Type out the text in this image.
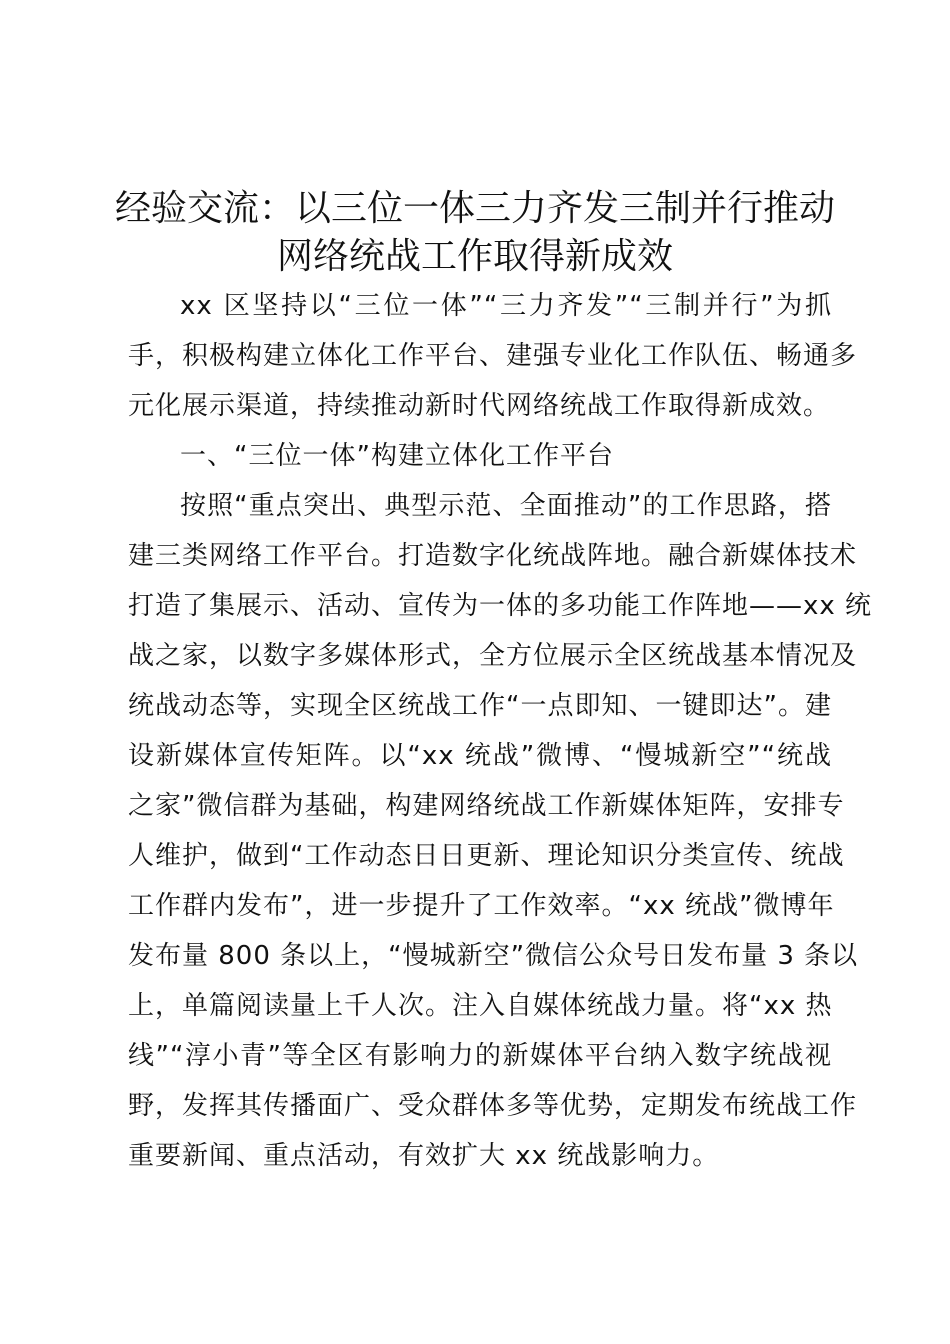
经验交流：以三位一体三力齐发三制并行推动
网络统战工作取得新成效
xx 区坚持以“三位一体”“三力齐发”“三制并行”为抓
手，积极构建立体化工作平台、建强专业化工作队伍、畅通多
元化展示渠道，持续推动新时代网络统战工作取得新成效。
一、“三位一体”构建立体化工作平台
按照“重点突出、典型示范、全面推动”的工作思路，搭
建三类网络工作平台。打造数字化统战阵地。融合新媒体技术
打造了集展示、活动、宣传为一体的多功能工作阵地——xx 统
战之家，以数字多媒体形式，全方位展示全区统战基本情况及
统战动态等，实现全区统战工作“一点即知、一键即达”。建
设新媒体宣传矩阵。以“xx 统战”微博、“慢城新空”“统战
之家”微信群为基础，构建网络统战工作新媒体矩阵，安排专
人维护，做到“工作动态日日更新、理论知识分类宣传、统战
工作群内发布”，进一步提升了工作效率。“xx 统战”微博年
发布量 800 条以上，“慢城新空”微信公众号日发布量 3 条以
上，单篇阅读量上千人次。注入自媒体统战力量。将“xx 热
线”“淳小青”等全区有影响力的新媒体平台纳入数字统战视
野，发挥其传播面广、受众群体多等优势，定期发布统战工作
重要新闻、重点活动，有效扩大 xx 统战影响力。
